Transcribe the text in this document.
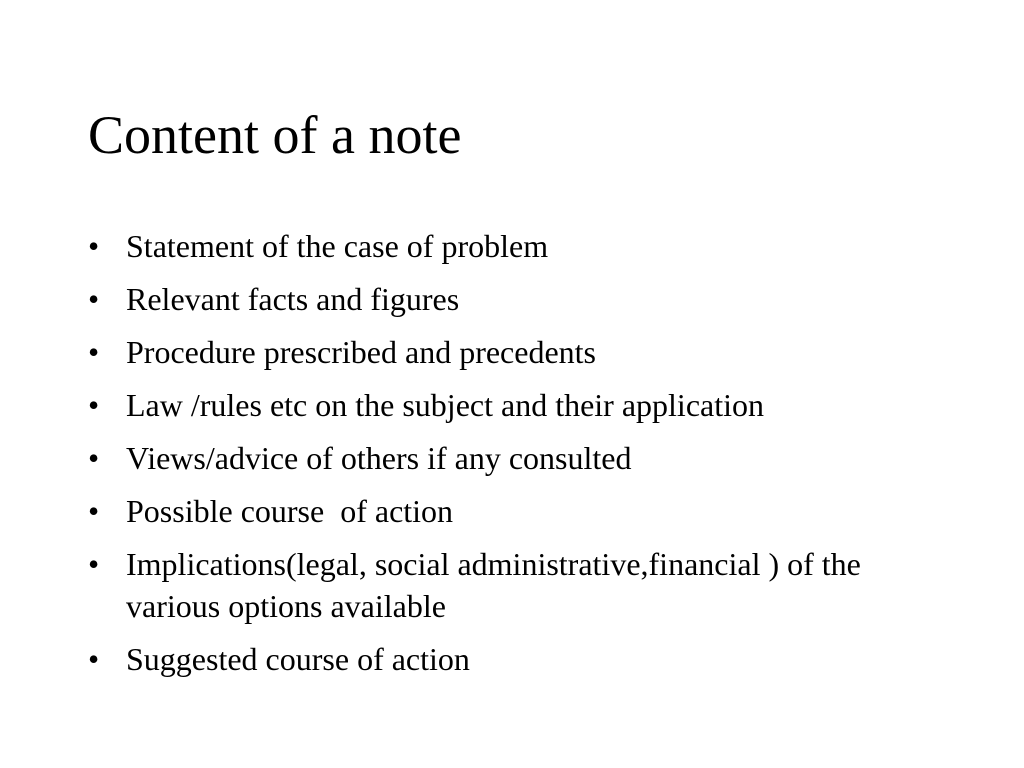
Content of a note
• Statement of the case of problem
• Relevant facts and figures
• Procedure prescribed and precedents
• Law /rules etc on the subject and their application
• Views/advice of others if any consulted
• Possible course  of action
• Implications(legal, social administrative,financial ) of the various options available
• Suggested course of action
